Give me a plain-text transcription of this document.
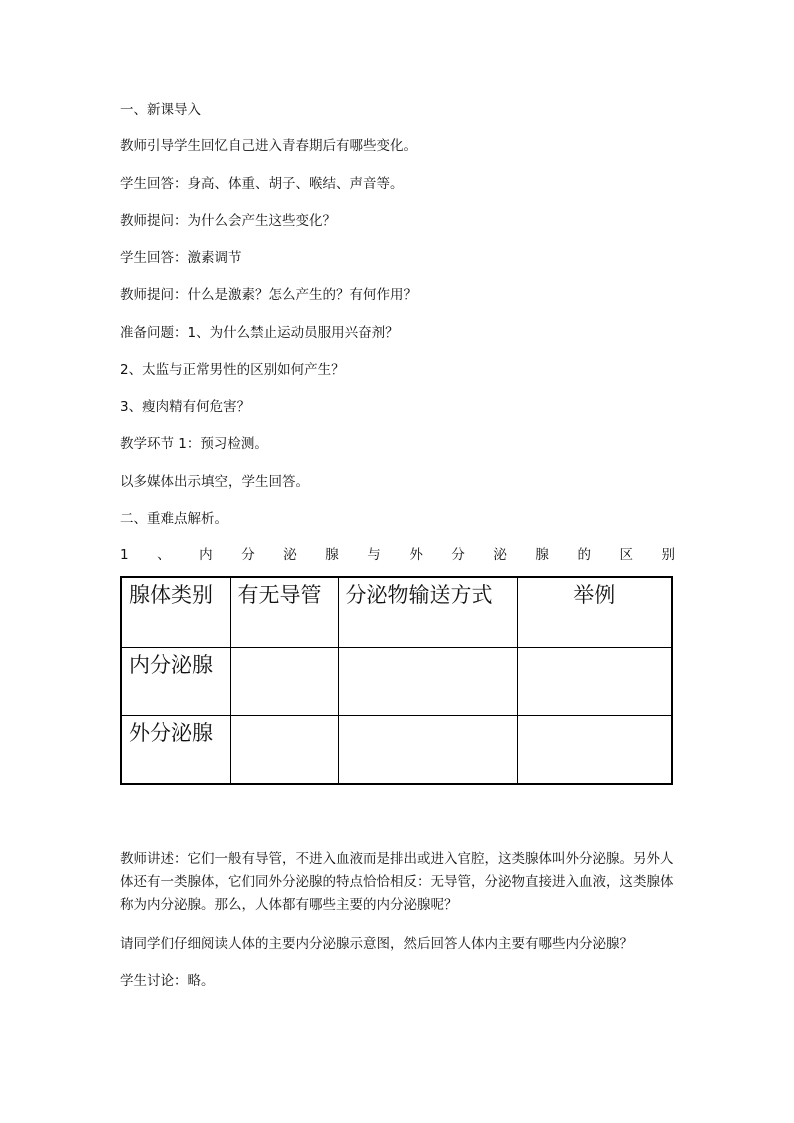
一、新课导入
教师引导学生回忆自己进入青春期后有哪些变化。
学生回答：身高、体重、胡子、喉结、声音等。
教师提问：为什么会产生这些变化？
学生回答：激素调节
教师提问：什么是激素？怎么产生的？有何作用？
准备问题：1、为什么禁止运动员服用兴奋剂？
2、太监与正常男性的区别如何产生？
3、瘦肉精有何危害？
教学环节 1：预习检测。
以多媒体出示填空，学生回答。
二、重难点解析。
1 、 内 分 泌 腺 与 外 分 泌 腺 的 区 别
腺体类别	有无导管	分泌物输送方式	举例
内分泌腺			
外分泌腺			
教师讲述：它们一般有导管，不进入血液而是排出或进入官腔，这类腺体叫外分泌腺。另外人体还有一类腺体，它们同外分泌腺的特点恰恰相反：无导管，分泌物直接进入血液，这类腺体称为内分泌腺。那么，人体都有哪些主要的内分泌腺呢？
请同学们仔细阅读人体的主要内分泌腺示意图，然后回答人体内主要有哪些内分泌腺？
学生讨论：略。
